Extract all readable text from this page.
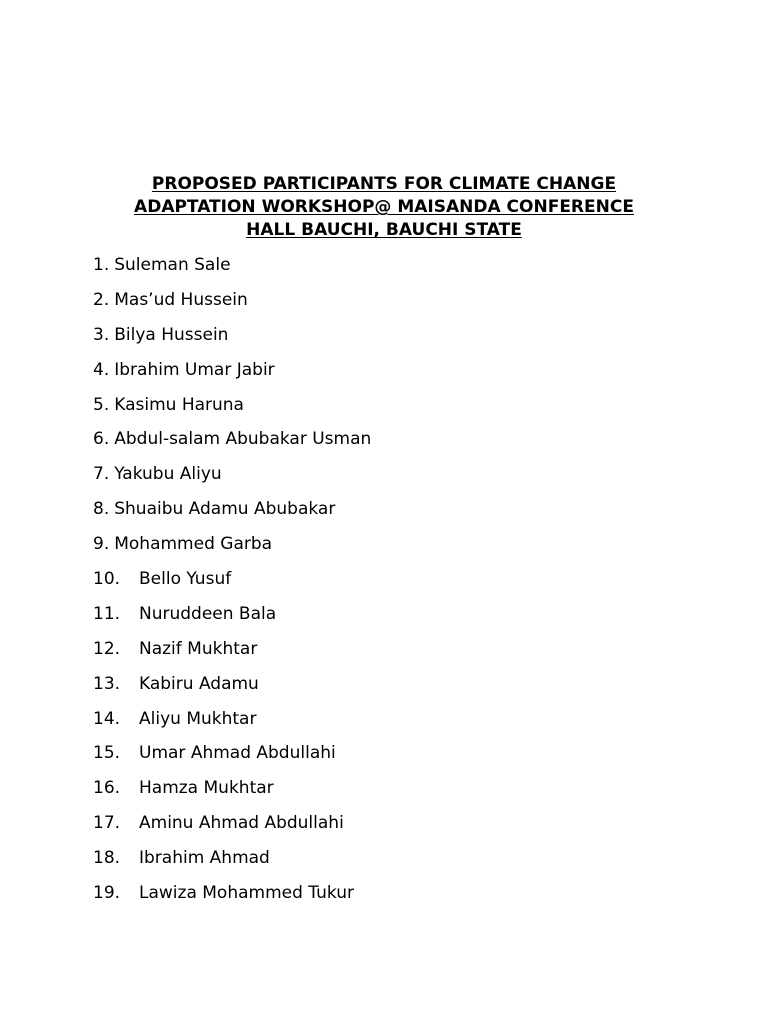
PROPOSED PARTICIPANTS FOR CLIMATE CHANGE
ADAPTATION WORKSHOP@ MAISANDA CONFERENCE
HALL BAUCHI, BAUCHI STATE
1. Suleman Sale
2. Mas’ud Hussein
3. Bilya Hussein
4. Ibrahim Umar Jabir
5. Kasimu Haruna
6. Abdul-salam Abubakar Usman
7. Yakubu Aliyu
8. Shuaibu Adamu Abubakar
9. Mohammed Garba
10. Bello Yusuf
11. Nuruddeen Bala
12. Nazif Mukhtar
13. Kabiru Adamu
14. Aliyu Mukhtar
15. Umar Ahmad Abdullahi
16. Hamza Mukhtar
17. Aminu Ahmad Abdullahi
18. Ibrahim Ahmad
19. Lawiza Mohammed Tukur
